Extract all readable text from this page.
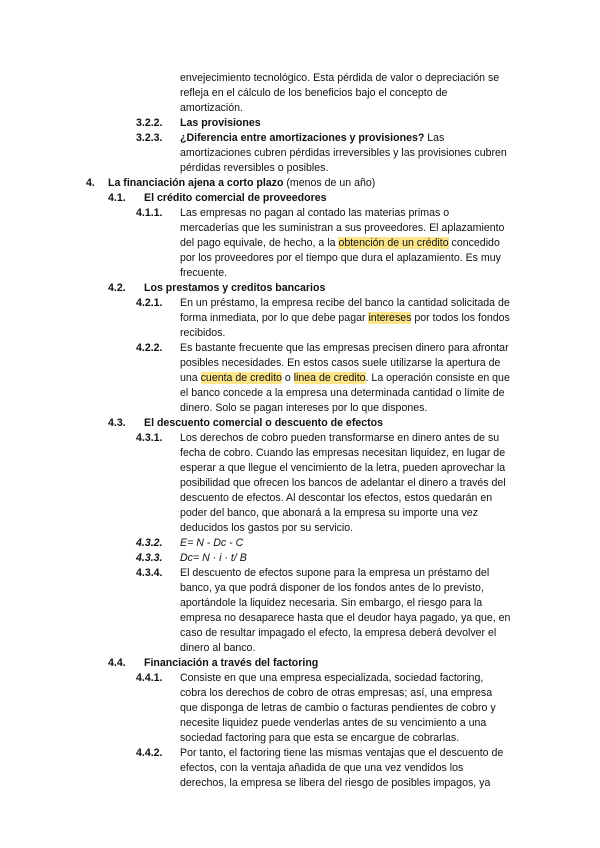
envejecimiento tecnológico. Esta pérdida de valor o depreciación se
refleja en el cálculo de los beneficios bajo el concepto de
amortización.
3.2.2. Las provisiones
3.2.3. ¿Diferencia entre amortizaciones y provisiones? Las
amortizaciones cubren pérdidas irreversibles y las provisiones cubren
pérdidas reversibles o posibles.
4. La financiación ajena a corto plazo (menos de un año)
4.1. El crédito comercial de proveedores
4.1.1. Las empresas no pagan al contado las materias primas o
mercaderías que les suministran a sus proveedores. El aplazamiento
del pago equivale, de hecho, a la obtención de un crédito concedido
por los proveedores por el tiempo que dura el aplazamiento. Es muy
frecuente.
4.2. Los prestamos y creditos bancarios
4.2.1. En un préstamo, la empresa recibe del banco la cantidad solicitada de
forma inmediata, por lo que debe pagar intereses por todos los fondos
recibidos.
4.2.2. Es bastante frecuente que las empresas precisen dinero para afrontar
posibles necesidades. En estos casos suele utilizarse la apertura de
una cuenta de credito o linea de credito. La operación consiste en que
el banco concede a la empresa una determinada cantidad o límite de
dinero. Solo se pagan intereses por lo que dispones.
4.3. El descuento comercial o descuento de efectos
4.3.1. Los derechos de cobro pueden transformarse en dinero antes de su
fecha de cobro. Cuando las empresas necesitan liquidez, en lugar de
esperar a que llegue el vencimiento de la letra, pueden aprovechar la
posibilidad que ofrecen los bancos de adelantar el dinero a través del
descuento de efectos. Al descontar los efectos, estos quedarán en
poder del banco, que abonará a la empresa su importe una vez
deducidos los gastos por su servicio.
4.3.2. E= N - Dc - C
4.3.3. Dc= N · i · t/ B
4.3.4. El descuento de efectos supone para la empresa un préstamo del
banco, ya que podrá disponer de los fondos antes de lo previsto,
aportándole la liquidez necesaria. Sin embargo, el riesgo para la
empresa no desaparece hasta que el deudor haya pagado, ya que, en
caso de resultar impagado el efecto, la empresa deberá devolver el
dinero al banco.
4.4. Financiación a través del factoring
4.4.1. Consiste en que una empresa especializada, sociedad factoring,
cobra los derechos de cobro de otras empresas; así, una empresa
que disponga de letras de cambio o facturas pendientes de cobro y
necesite liquidez puede venderlas antes de su vencimiento a una
sociedad factoring para que esta se encargue de cobrarlas.
4.4.2. Por tanto, el factoring tiene las mismas ventajas que el descuento de
efectos, con la ventaja añadida de que una vez vendidos los
derechos, la empresa se libera del riesgo de posibles impagos, ya
